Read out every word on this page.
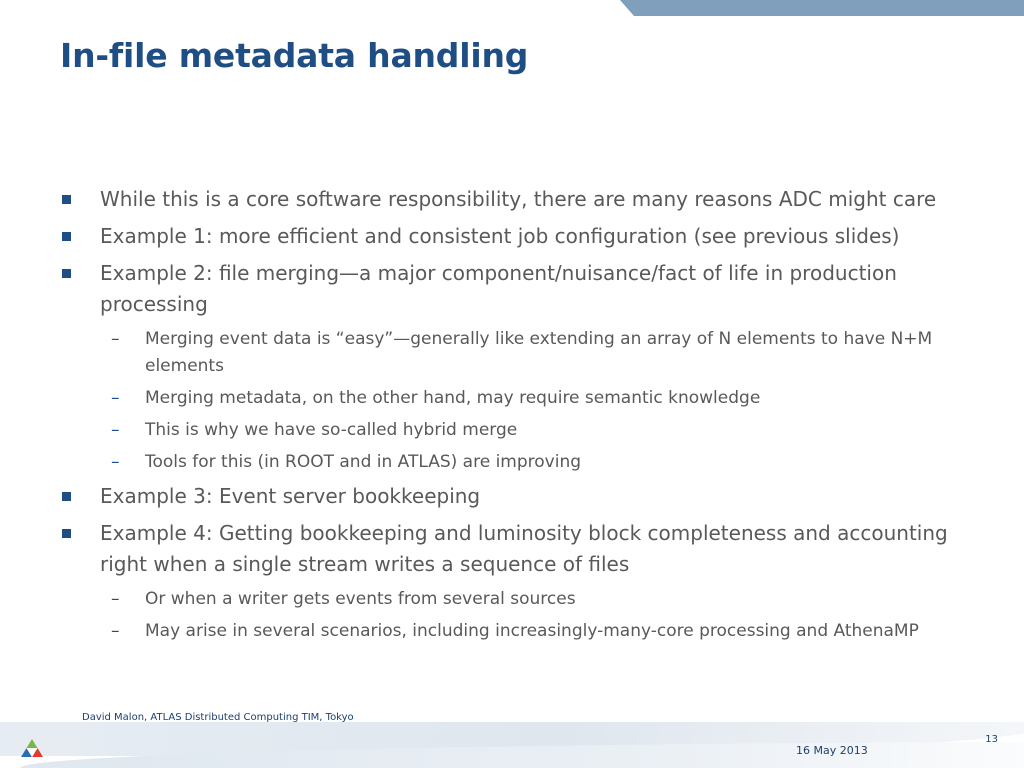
In-file metadata handling
While this is a core software responsibility, there are many reasons ADC might care
Example 1: more efficient and consistent job configuration (see previous slides)
Example 2: file merging—a major component/nuisance/fact of life in production processing
– Merging event data is “easy”—generally like extending an array of N elements to have N+M elements
– Merging metadata, on the other hand, may require semantic knowledge
– This is why we have so-called hybrid merge
– Tools for this (in ROOT and in ATLAS) are improving
Example 3: Event server bookkeeping
Example 4: Getting bookkeeping and luminosity block completeness and accounting right when a single stream writes a sequence of files
– Or when a writer gets events from several sources
– May arise in several scenarios, including increasingly-many-core processing and AthenaMP
David Malon, ATLAS Distributed Computing TIM, Tokyo
13
16 May 2013
